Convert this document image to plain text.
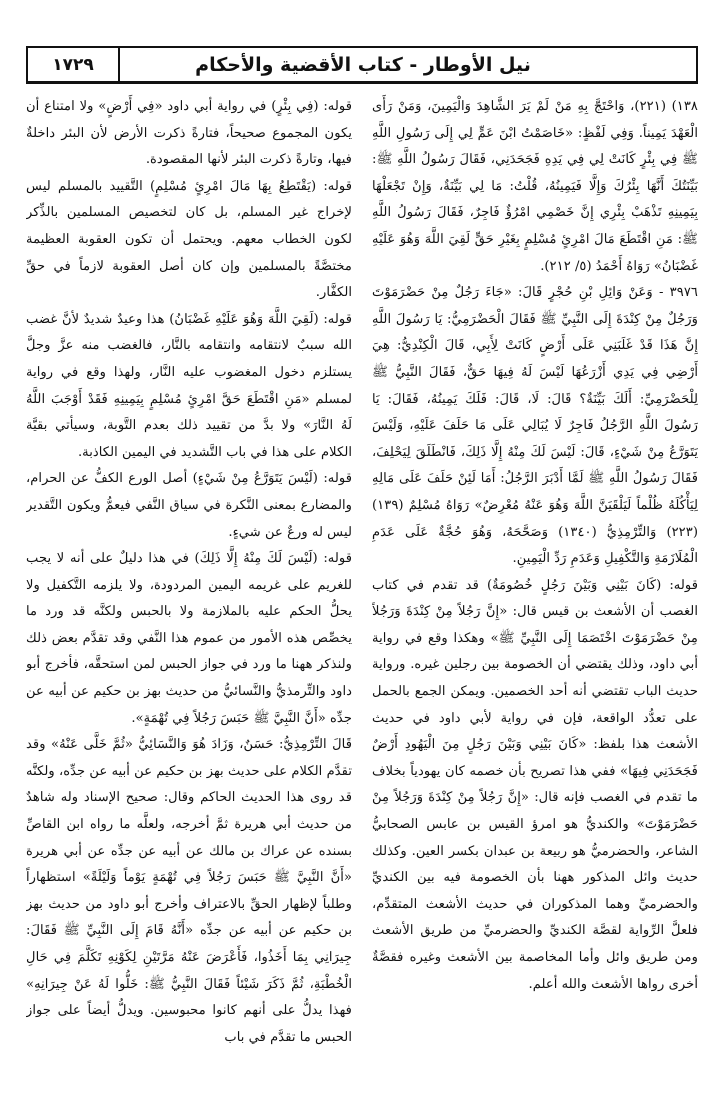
نيل الأوطار - كتاب الأقضية والأحكام
١٧٢٩

١٣٨) (٢٢١)، وَاحْتَجَّ بِهِ مَنْ لَمْ يَرَ الشَّاهِدَ وَالْيَمِينَ، وَمَنْ رَأَى الْعَهْدَ يَمِيناً. وَفِي لَفْظٍ: «خَاصَمْتُ ابْنَ عَمٍّ لِي إِلَى رَسُولِ اللَّهِ ﷺ فِي بِئْرٍ كَانَتْ لِي فِي يَدِهِ فَجَحَدَنِي، فَقَالَ رَسُولُ اللَّهِ ﷺ: بَيِّنَتُكَ أَنَّهَا بِئْرُكَ وَإِلَّا فَيَمِينُهُ، قُلْتُ: مَا لِي بَيِّنَةٌ، وَإِنْ تَجْعَلْهَا بِيَمِينِهِ تَذْهَبْ بِئْرِي إِنَّ خَصْمِي امْرُؤٌ فَاجِرٌ، فَقَالَ رَسُولُ اللَّهِ ﷺ: مَنِ اقْتَطَعَ مَالَ امْرِئٍ مُسْلِمٍ بِغَيْرِ حَقٍّ لَقِيَ اللَّهَ وَهُوَ عَلَيْهِ غَضْبَانُ» رَوَاهُ أَحْمَدُ (٥/ ٢١٢).

٣٩٧٦ - وَعَنْ وَائِلِ بْنِ حُجْرٍ قَالَ: «جَاءَ رَجُلٌ مِنْ حَضْرَمَوْتَ وَرَجُلٌ مِنْ كِنْدَةَ إِلَى النَّبِيِّ ﷺ فَقَالَ الْحَضْرَمِيُّ: يَا رَسُولَ اللَّهِ إِنَّ هَذَا قَدْ غَلَبَنِي عَلَى أَرْضٍ كَانَتْ لِأَبِي، قَالَ الْكِنْدِيُّ: هِيَ أَرْضِي فِي يَدِي أَزْرَعُهَا لَيْسَ لَهُ فِيهَا حَقٌّ، فَقَالَ النَّبِيُّ ﷺ لِلْحَضْرَمِيِّ: أَلَكَ بَيِّنَةٌ؟ قَالَ: لَا، قَالَ: فَلَكَ يَمِينُهُ، فَقَالَ: يَا رَسُولَ اللَّهِ الرَّجُلُ فَاجِرٌ لَا يُبَالِي عَلَى مَا حَلَفَ عَلَيْهِ، وَلَيْسَ يَتَوَرَّعُ مِنْ شَيْءٍ، قَالَ: لَيْسَ لَكَ مِنْهُ إِلَّا ذَلِكَ، فَانْطَلَقَ لِيَحْلِفَ، فَقَالَ رَسُولُ اللَّهِ ﷺ لَمَّا أَدْبَرَ الرَّجُلُ: أَمَا لَئِنْ حَلَفَ عَلَى مَالِهِ لِيَأْكُلَهُ ظُلْماً لَيَلْقَيَنَّ اللَّهَ وَهُوَ عَنْهُ مُعْرِضٌ» رَوَاهُ مُسْلِمٌ (١٣٩) (٢٢٣) وَالتِّرْمِذِيُّ (١٣٤٠) وَصَحَّحَهُ، وَهُوَ حُجَّةٌ عَلَى عَدَمِ الْمُلَازَمَةِ وَالتَّكْفِيلِ وَعَدَمِ رَدِّ الْيَمِينِ.

قوله: (كَانَ بَيْنِي وَبَيْنَ رَجُلٍ خُصُومَةٌ) قد تقدم في كتاب الغصب أن الأشعث بن قيس قال: «إِنَّ رَجُلاً مِنْ كِنْدَةَ وَرَجُلاً مِنْ حَضْرَمَوْتَ اخْتَصَمَا إِلَى النَّبِيِّ ﷺ» وهكذا وقع في رواية أبي داود، وذلك يقتضي أن الخصومة بين رجلين غيره. ورواية حديث الباب تقتضي أنه أحد الخصمين. ويمكن الجمع بالحمل على تعدُّد الواقعة، فإن في رواية لأبي داود في حديث الأشعث هذا بلفظ: «كَانَ بَيْنِي وَبَيْنَ رَجُلٍ مِنَ الْيَهُودِ أَرْضٌ فَجَحَدَنِي فِيهَا» ففي هذا تصريح بأن خصمه كان يهودياً بخلاف ما تقدم في الغصب فإنه قال: «إِنَّ رَجُلاً مِنْ كِنْدَةَ وَرَجُلاً مِنْ حَضْرَمَوْتَ» والكنديُّ هو امرؤ القيس بن عابس الصحابيُّ الشاعر، والحضرميُّ هو ربيعة بن عبدان بكسر العين. وكذلك حديث وائل المذكور ههنا بأن الخصومة فيه بين الكنديِّ والحضرميِّ وهما المذكوران في حديث الأشعث المتقدِّم، فلعلَّ الرِّواية لقصَّة الكنديِّ والحضرميِّ من طريق الأشعث ومن طريق وائل وأما المخاصمة بين الأشعث وغيره فقصَّةٌ أخرى رواها الأشعث والله أعلم.

قوله: (فِي بِئْرٍ) في رواية أبي داود «فِي أَرْضٍ» ولا امتناع أن يكون المجموع صحيحاً، فتارةً ذكرت الأرض لأن البئر داخلةٌ فيها، وتارةً ذكرت البئر لأنها المقصودة.

قوله: (يَقْتَطِعُ بِهَا مَالَ امْرِئٍ مُسْلِمٍ) التَّقييد بالمسلم ليس لإخراج غير المسلم، بل كان لتخصيص المسلمين بالذِّكر لكون الخطاب معهم. ويحتمل أن تكون العقوبة العظيمة مختصَّةً بالمسلمين وإن كان أصل العقوبة لازماً في حقِّ الكفَّار.

قوله: (لَقِيَ اللَّهَ وَهُوَ عَلَيْهِ غَضْبَانُ) هذا وعيدٌ شديدٌ لأنَّ غضب الله سببٌ لانتقامه وانتقامه بالنَّار، فالغضب منه عزَّ وجلَّ يستلزم دخول المغضوب عليه النَّار، ولهذا وقع في رواية لمسلم «مَنِ اقْتَطَعَ حَقَّ امْرِئٍ مُسْلِمٍ بِيَمِينِهِ فَقَدْ أَوْجَبَ اللَّهُ لَهُ النَّارَ» ولا بدَّ من تقييد ذلك بعدم التَّوبة، وسيأتي بقيَّة الكلام على هذا في باب التَّشديد في اليمين الكاذبة.

قوله: (لَيْسَ يَتَوَرَّعُ مِنْ شَيْءٍ) أصل الورع الكفُّ عن الحرام، والمضارع بمعنى النَّكرة في سياق النَّفي فيعمُّ ويكون التَّقدير ليس له ورعٌ عن شيءٍ.

قوله: (لَيْسَ لَكَ مِنْهُ إِلَّا ذَلِكَ) في هذا دليلٌ على أنه لا يجب للغريم على غريمه اليمين المردودة، ولا يلزمه التَّكفيل ولا يحلُّ الحكم عليه بالملازمة ولا بالحبس ولكنَّه قد ورد ما يخصِّص هذه الأمور من عموم هذا النَّفي وقد تقدَّم بعض ذلك ولنذكر ههنا ما ورد في جواز الحبس لمن استحقَّه، فأخرج أبو داود والتِّرمذيُّ والنَّسائيُّ من حديث بهز بن حكيم عن أبيه عن جدِّه «أَنَّ النَّبِيَّ ﷺ حَبَسَ رَجُلاً فِي تُهْمَةٍ».

قَالَ التِّرْمِذِيُّ: حَسَنٌ، وَزَادَ هُوَ وَالنَّسَائِيُّ «ثُمَّ خَلَّى عَنْهُ» وقد تقدَّم الكلام على حديث بهز بن حكيم عن أبيه عن جدِّه، ولكنَّه قد روى هذا الحديث الحاكم وقال: صحيح الإسناد وله شاهدٌ من حديث أبي هريرة ثمَّ أخرجه، ولعلَّه ما رواه ابن القاصِّ بسنده عن عراك بن مالك عن أبيه عن جدِّه عن أبي هريرة «أَنَّ النَّبِيَّ ﷺ حَبَسَ رَجُلاً فِي تُهْمَةٍ يَوْماً وَلَيْلَةً» استظهاراً وطلباً لإظهار الحقِّ بالاعتراف وأخرج أبو داود من حديث بهز بن حكيم عن أبيه عن جدِّه «أَنَّهُ قَامَ إِلَى النَّبِيِّ ﷺ فَقَالَ: جِيرَانِي بِمَا أَخَذُوا، فَأَعْرَضَ عَنْهُ مَرَّتَيْنِ لِكَوْنِهِ تَكَلَّمَ فِي حَالِ الْخُطْبَةِ، ثُمَّ ذَكَرَ شَيْئاً فَقَالَ النَّبِيُّ ﷺ: خَلُّوا لَهُ عَنْ جِيرَانِهِ» فهذا يدلُّ على أنهم كانوا محبوسين. ويدلُّ أيضاً على جواز الحبس ما تقدَّم في باب
